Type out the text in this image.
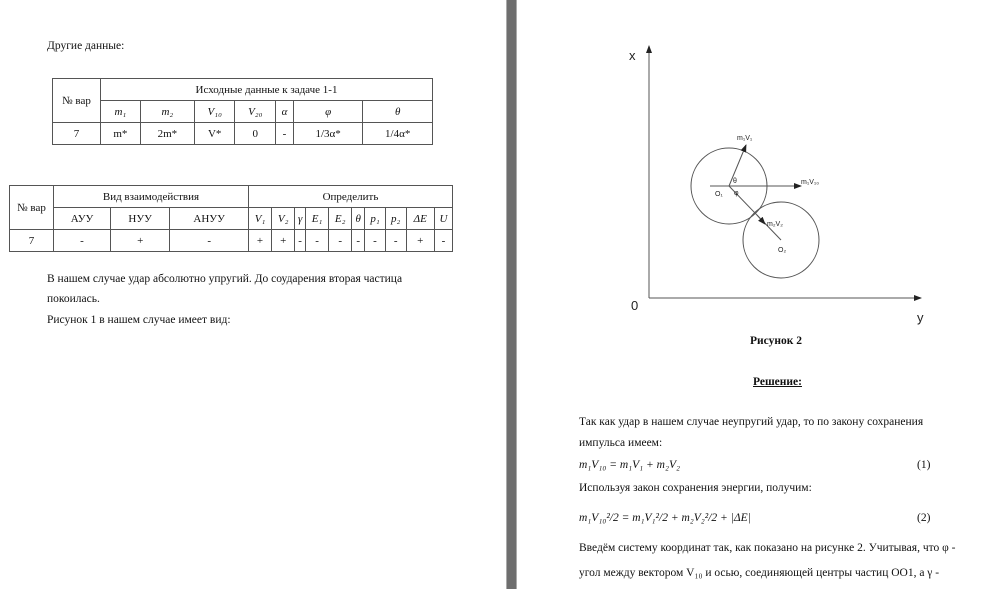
Другие данные:
№ вар	Исходные данные к задаче 1-1						
	m₁	m₂	V₁₀	V₂₀	α	φ	θ
7	m*	2m*	V*	0	-	1/3α*	1/4α*
№ вар	Вид взаимодействия			Определить									
	АУУ	НУУ	АНУУ	V₁	V₂	γ	E₁	E₂	θ	p₁	p₂	ΔE	U
7	-	+	-	+	+	-	-	-	-	-	-	+	-
В нашем случае удар абсолютно упругий. До соударения вторая частица
покоилась.
Рисунок 1 в нашем случае имеет вид:
x
y
0
m₁V₁
m₁V₁₀
m₂V₂
O₁
O₂
θ
φ
Рисунок 2
Решение:
Так как удар в нашем случае неупругий удар, то по закону сохранения
импульса имеем:
m₁V₁₀ = m₁V₁ + m₂V₂	(1)
Используя закон сохранения энергии, получим:
m₁V₁₀²/2 = m₁V₁²/2 + m₂V₂²/2 + |ΔE|	(2)
Введём систему координат так, как показано на рисунке 2. Учитывая, что φ -
угол между вектором V₁₀ и осью, соединяющей центры частиц OO1, а γ -
